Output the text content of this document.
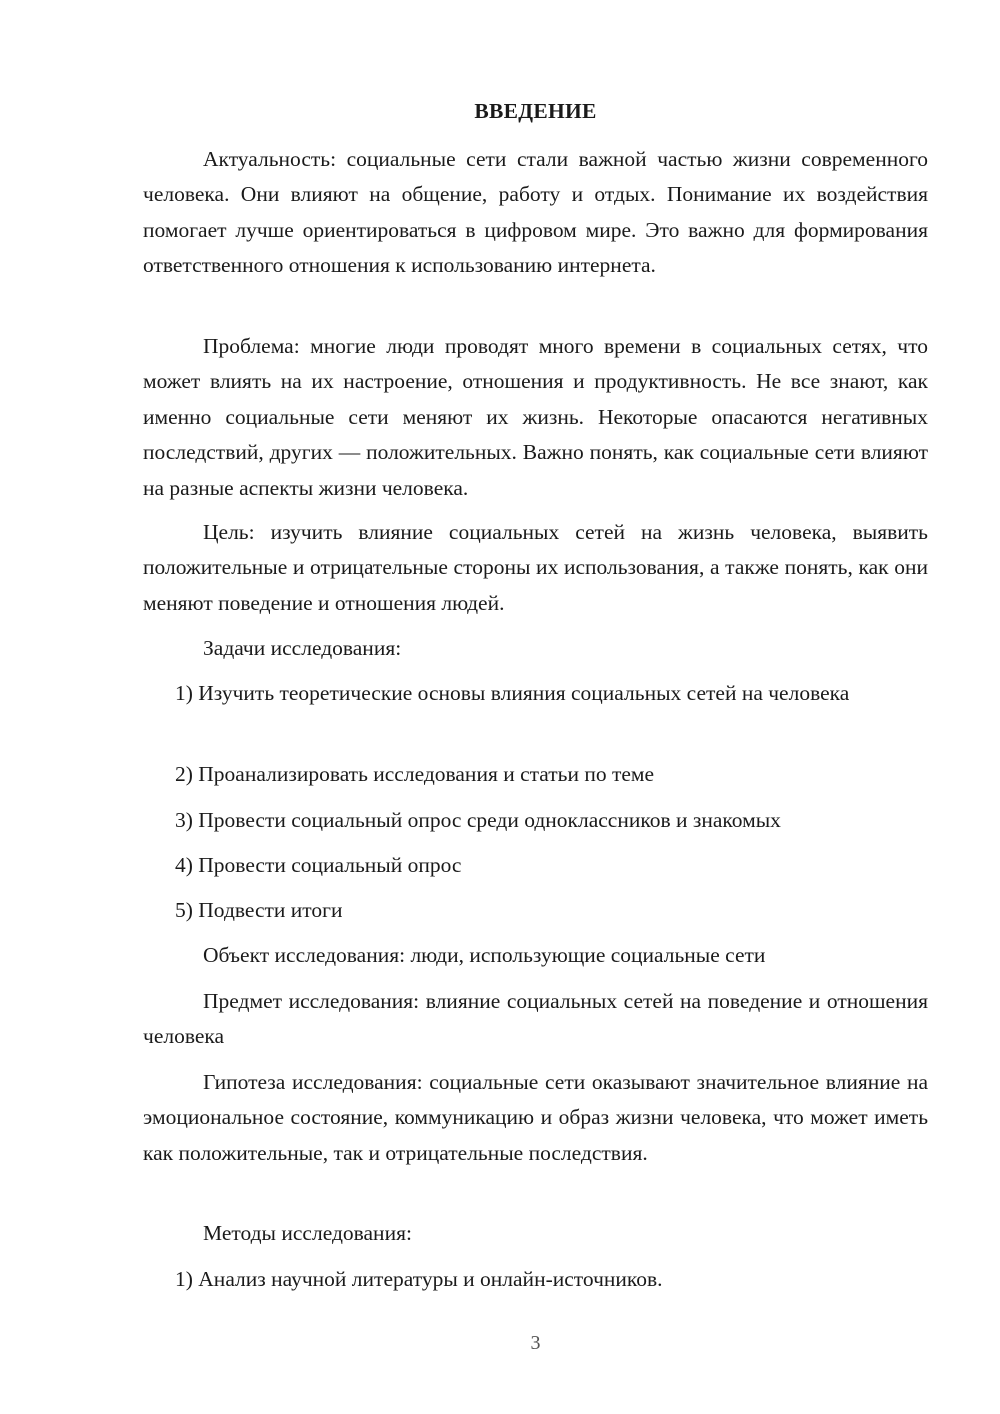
ВВЕДЕНИЕ

Актуальность: социальные сети стали важной частью жизни современного человека. Они влияют на общение, работу и отдых. Понимание их воздействия помогает лучше ориентироваться в цифровом мире. Это важно для формирования ответственного отношения к использованию интернета.

Проблема: многие люди проводят много времени в социальных сетях, что может влиять на их настроение, отношения и продуктивность. Не все знают, как именно социальные сети меняют их жизнь. Некоторые опасаются негативных последствий, других — положительных. Важно понять, как социальные сети влияют на разные аспекты жизни человека.

Цель: изучить влияние социальных сетей на жизнь человека, выявить положительные и отрицательные стороны их использования, а также понять, как они меняют поведение и отношения людей.

Задачи исследования:

1) Изучить теоретические основы влияния социальных сетей на человека

2) Проанализировать исследования и статьи по теме

3) Провести социальный опрос среди одноклассников и знакомых

4) Провести социальный опрос

5) Подвести итоги

Объект исследования: люди, использующие социальные сети

Предмет исследования: влияние социальных сетей на поведение и отношения человека

Гипотеза исследования: социальные сети оказывают значительное влияние на эмоциональное состояние, коммуникацию и образ жизни человека, что может иметь как положительные, так и отрицательные последствия.

Методы исследования:

1) Анализ научной литературы и онлайн-источников.

3
